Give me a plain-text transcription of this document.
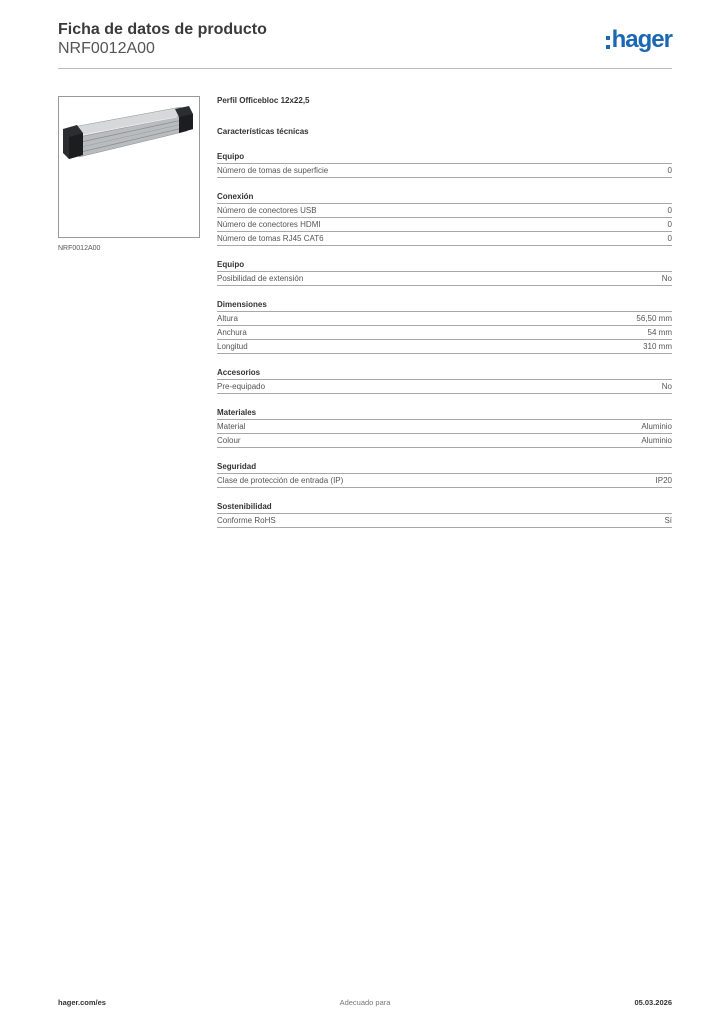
Ficha de datos de producto
NRF0012A00	hager
NRF0012A00
Perfil Officebloc 12x22,5
Características técnicas
Equipo
Número de tomas de superficie	0
Conexión
Número de conectores USB	0
Número de conectores HDMI	0
Número de tomas RJ45 CAT6	0
Equipo
Posibilidad de extensión	No
Dimensiones
Altura	56,50 mm
Anchura	54 mm
Longitud	310 mm
Accesorios
Pre-equipado	No
Materiales
Material	Aluminio
Colour	Aluminio
Seguridad
Clase de protección de entrada (IP)	IP20
Sostenibilidad
Conforme RoHS	Sí
hager.com/es	Adecuado para	05.03.2026
